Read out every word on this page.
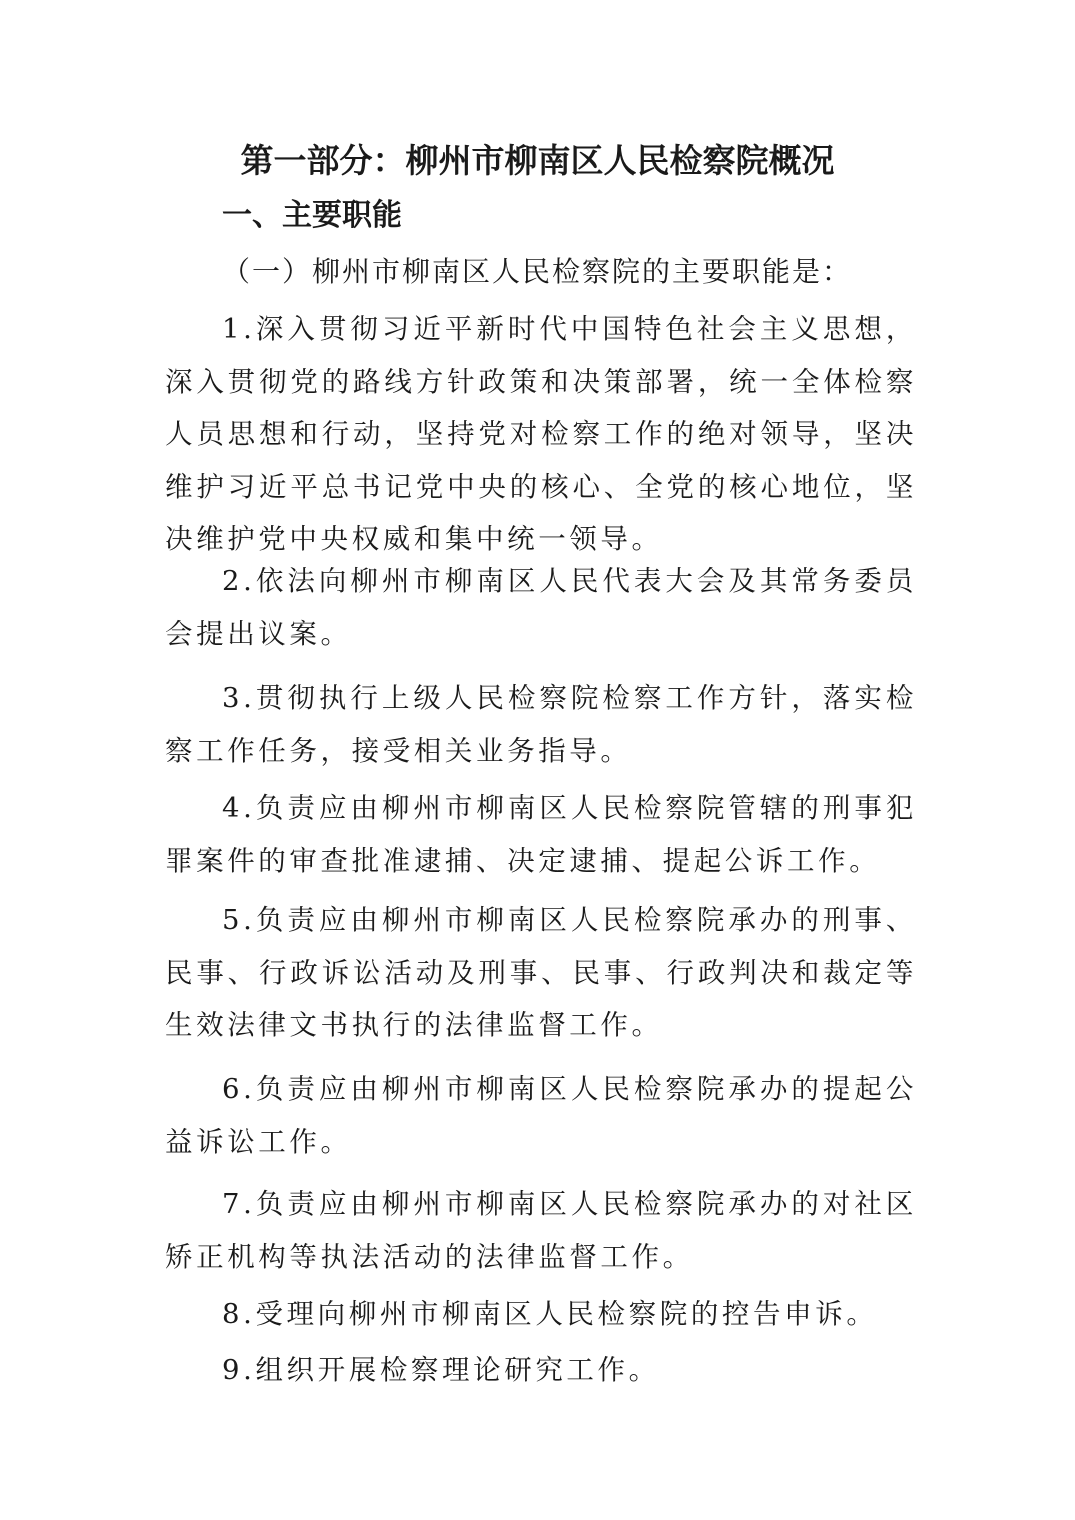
第一部分：柳州市柳南区人民检察院概况
一、主要职能
（一）柳州市柳南区人民检察院的主要职能是：

1.深入贯彻习近平新时代中国特色社会主义思想，深入贯彻党的路线方针政策和决策部署，统一全体检察人员思想和行动，坚持党对检察工作的绝对领导，坚决维护习近平总书记党中央的核心、全党的核心地位，坚决维护党中央权威和集中统一领导。

2.依法向柳州市柳南区人民代表大会及其常务委员会提出议案。

3.贯彻执行上级人民检察院检察工作方针，落实检察工作任务，接受相关业务指导。

4.负责应由柳州市柳南区人民检察院管辖的刑事犯罪案件的审查批准逮捕、决定逮捕、提起公诉工作。

5.负责应由柳州市柳南区人民检察院承办的刑事、民事、行政诉讼活动及刑事、民事、行政判决和裁定等生效法律文书执行的法律监督工作。

6.负责应由柳州市柳南区人民检察院承办的提起公益诉讼工作。

7.负责应由柳州市柳南区人民检察院承办的对社区矫正机构等执法活动的法律监督工作。

8.受理向柳州市柳南区人民检察院的控告申诉。

9.组织开展检察理论研究工作。
